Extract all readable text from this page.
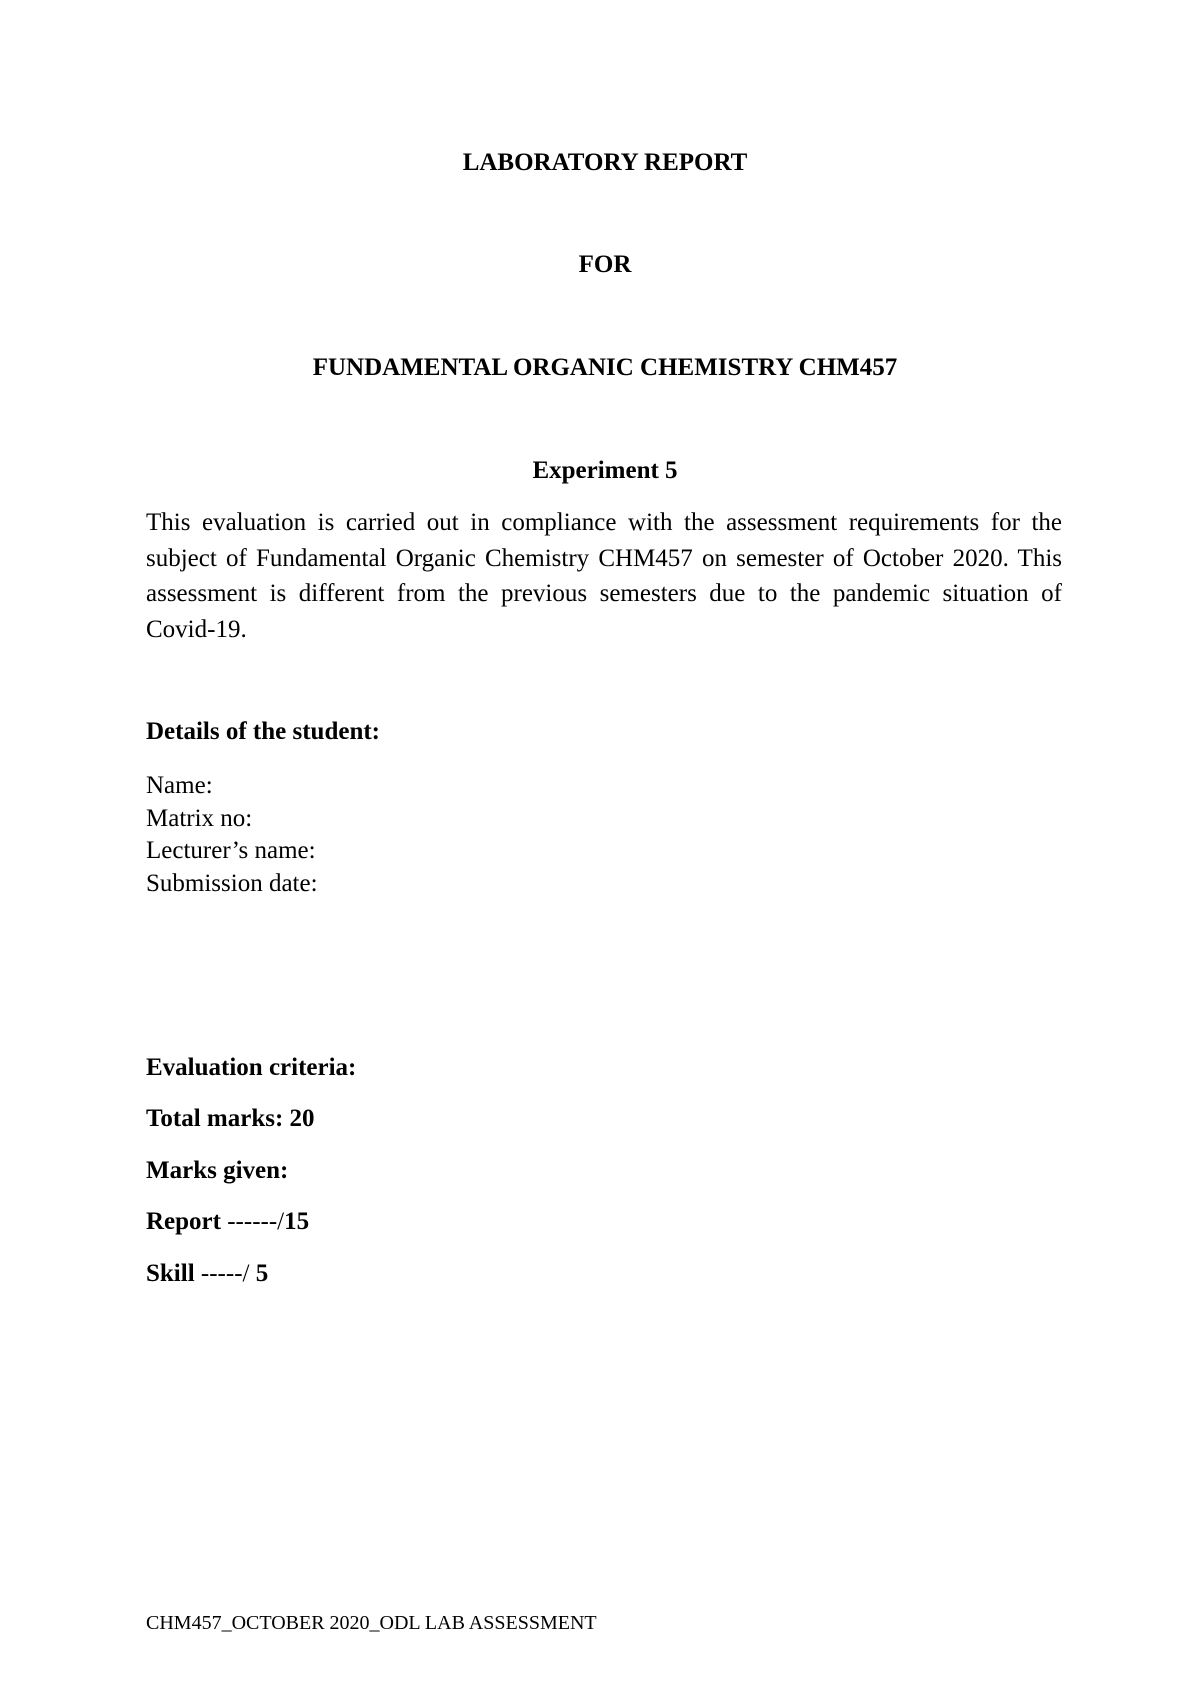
LABORATORY REPORT
FOR
FUNDAMENTAL ORGANIC CHEMISTRY CHM457
Experiment 5
This evaluation is carried out in compliance with the assessment requirements for the subject of Fundamental Organic Chemistry CHM457 on semester of October 2020. This assessment is different from the previous semesters due to the pandemic situation of Covid-19.
Details of the student:
Name:
Matrix no:
Lecturer’s name:
Submission date:
Evaluation criteria:
Total marks: 20
Marks given:
Report ------/15
Skill -----/ 5
CHM457_OCTOBER 2020_ODL LAB ASSESSMENT
